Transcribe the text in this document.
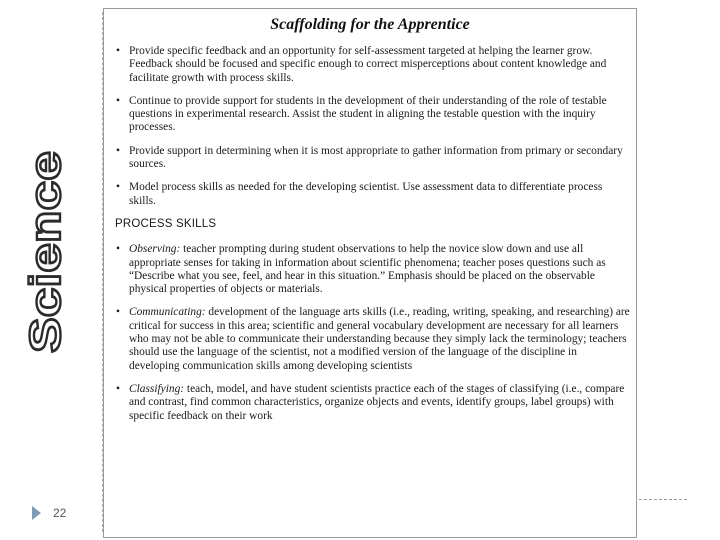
Science
22
Scaffolding for the Apprentice
• Provide specific feedback and an opportunity for self-assessment targeted at helping the learner grow. Feedback should be focused and specific enough to correct misperceptions about content knowledge and facilitate growth with process skills.
• Continue to provide support for students in the development of their understanding of the role of testable questions in experimental research. Assist the student in aligning the testable question with the inquiry processes.
• Provide support in determining when it is most appropriate to gather information from primary or secondary sources.
• Model process skills as needed for the developing scientist. Use assessment data to differentiate process skills.
PROCESS SKILLS
• Observing: teacher prompting during student observations to help the novice slow down and use all appropriate senses for taking in information about scientific phenomena; teacher poses questions such as “Describe what you see, feel, and hear in this situation.” Emphasis should be placed on the observable physical properties of objects or materials.
• Communicating: development of the language arts skills (i.e., reading, writing, speaking, and researching) are critical for success in this area; scientific and general vocabulary development are necessary for all learners who may not be able to communicate their understanding because they simply lack the terminology; teachers should use the language of the scientist, not a modified version of the language of the discipline in developing communication skills among developing scientists
• Classifying: teach, model, and have student scientists practice each of the stages of classifying (i.e., compare and contrast, find common characteristics, organize objects and events, identify groups, label groups) with specific feedback on their work
